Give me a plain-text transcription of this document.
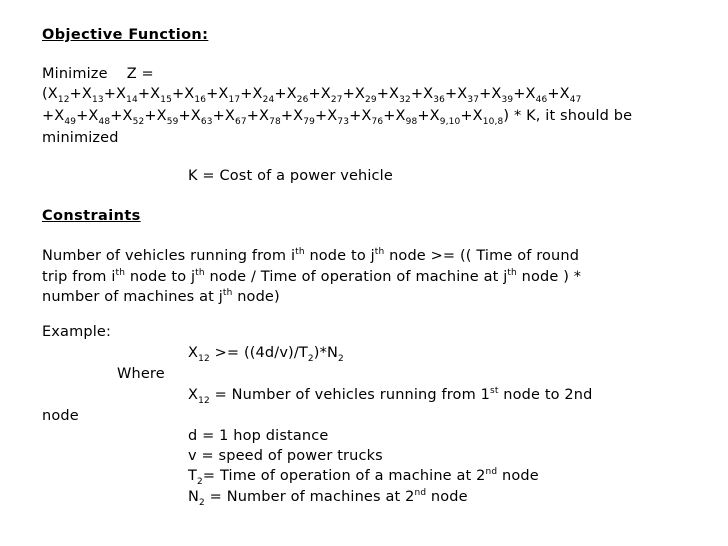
Objective Function:
Minimize Z =
($X_{12}+X_{13}+X_{14}+X_{15}+X_{16}+X_{17}+X_{24}+X_{26}+X_{27}+X_{29}+X_{32}+X_{36}+X_{37}+X_{39}+X_{46}+X_{47}$
$+X_{49}+X_{48}+X_{52}+X_{59}+X_{63}+X_{67}+X_{78}+X_{79}+X_{73}+X_{76}+X_{98}+X_{9,10}+X_{10,8}) * K$, it should be
minimized
K = Cost of a power vehicle
Constraints
Number of vehicles running from $i^{th}$ node to $j^{th}$ node >= (( Time of round
trip from $i^{th}$ node to $j^{th}$ node / Time of operation of machine at $j^{th}$ node ) *
number of machines at $j^{th}$ node)
Example:
$X_{12} >= ((4d/v)/T_2)*N_2$
Where
$X_{12}$ = Number of vehicles running from 1st node to 2nd
node
d = 1 hop distance
v = speed of power trucks
$T_2=$ Time of operation of a machine at 2nd node
$N_2$ = Number of machines at 2nd node
